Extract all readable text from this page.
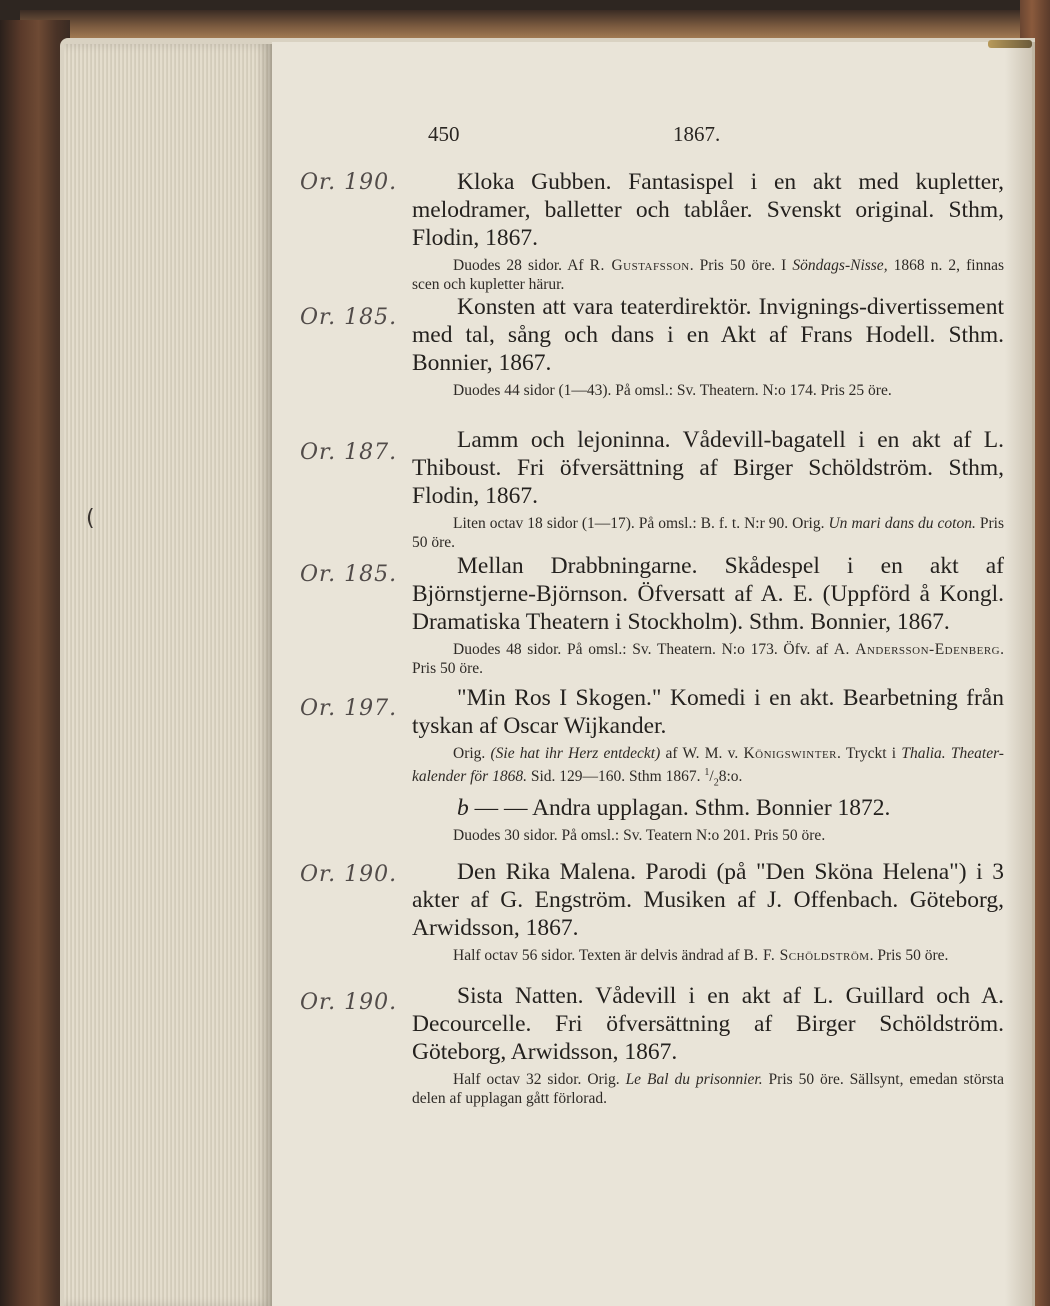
(
450	1867.
Or. 190.
Or. 185.
Or. 187.
Or. 185.
Or. 197.
Or. 190.
Or. 190.

Kloka Gubben. Fantasispel i en akt med kupletter, melodramer, balletter och tablåer. Svenskt original. Sthm, Flodin, 1867.

Duodes 28 sidor. Af R. Gustafsson. Pris 50 öre. I Söndags-Nisse, 1868 n. 2, finnas scen och kupletter härur.

Konsten att vara teaterdirektör. Invignings-divertissement med tal, sång och dans i en Akt af Frans Hodell. Sthm. Bonnier, 1867.

Duodes 44 sidor (1—43). På omsl.: Sv. Theatern. N:o 174. Pris 25 öre.

Lamm och lejoninna. Vådevill-bagatell i en akt af L. Thiboust. Fri öfversättning af Birger Schöldström. Sthm, Flodin, 1867.

Liten octav 18 sidor (1—17). På omsl.: B. f. t. N:r 90. Orig. Un mari dans du coton. Pris 50 öre.

Mellan Drabbningarne. Skådespel i en akt af Björnstjerne-Björnson. Öfversatt af A. E. (Uppförd å Kongl. Dramatiska Theatern i Stockholm). Sthm. Bonnier, 1867.

Duodes 48 sidor. På omsl.: Sv. Theatern. N:o 173. Öfv. af A. Andersson-Edenberg. Pris 50 öre.

"Min Ros I Skogen." Komedi i en akt. Bearbetning från tyskan af Oscar Wijkander.

Orig. (Sie hat ihr Herz entdeckt) af W. M. v. Königswinter. Tryckt i Thalia. Theater-kalender för 1868. Sid. 129—160. Sthm 1867. $^1/_28:o$.

b — — Andra upplagan. Sthm. Bonnier 1872.

Duodes 30 sidor. På omsl.: Sv. Teatern N:o 201. Pris 50 öre.

Den Rika Malena. Parodi (på "Den Sköna Helena") i 3 akter af G. Engström. Musiken af J. Offenbach. Göteborg, Arwidsson, 1867.

Half octav 56 sidor. Texten är delvis ändrad af B. F. Schöldström. Pris 50 öre.

Sista Natten. Vådevill i en akt af L. Guillard och A. Decourcelle. Fri öfversättning af Birger Schöldström. Göteborg, Arwidsson, 1867.

Half octav 32 sidor. Orig. Le Bal du prisonnier. Pris 50 öre. Sällsynt, emedan största delen af upplagan gått förlorad.
